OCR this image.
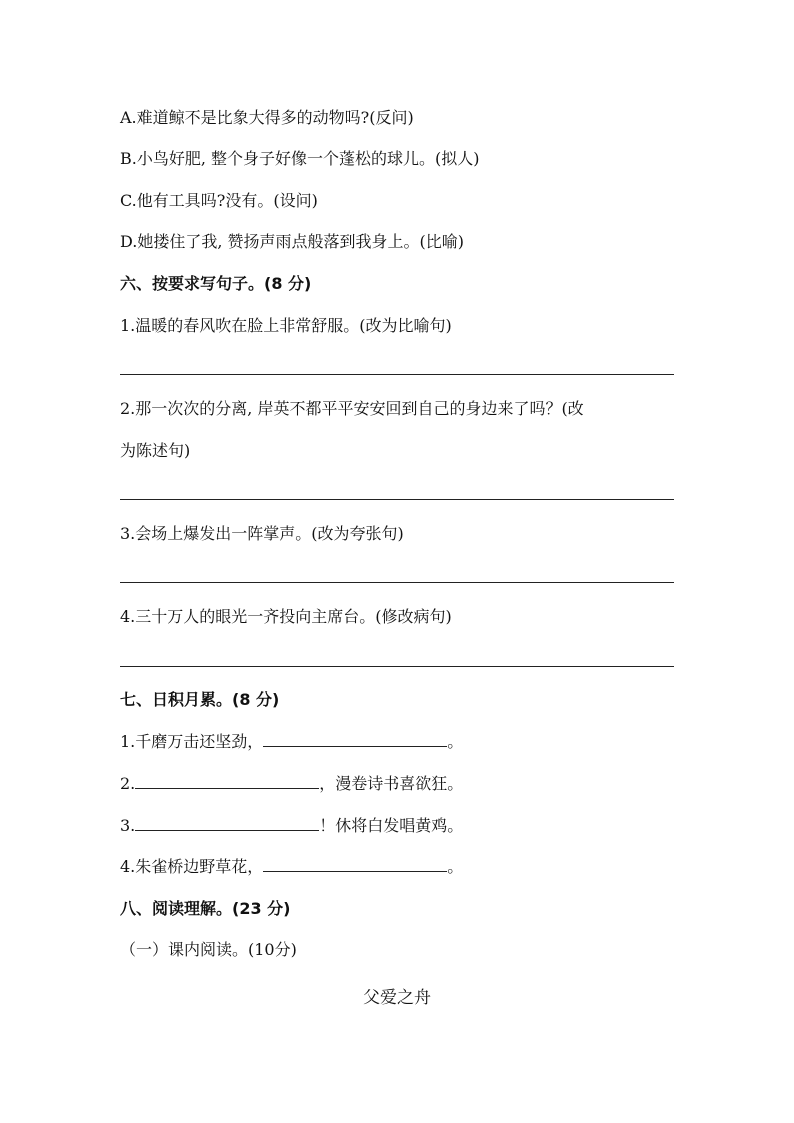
A.难道鲸不是比象大得多的动物吗?(反问)
B.小鸟好肥, 整个身子好像一个蓬松的球儿。(拟人)
C.他有工具吗?没有。(设问)
D.她搂住了我, 赞扬声雨点般落到我身上。(比喻)
六、按要求写句子。(8 分)
1.温暖的春风吹在脸上非常舒服。(改为比喻句)
2.那一次次的分离, 岸英不都平平安安回到自己的身边来了吗？(改
为陈述句)
3.会场上爆发出一阵掌声。(改为夸张句)
4.三十万人的眼光一齐投向主席台。(修改病句)
七、日积月累。(8 分)
1.千磨万击还坚劲，	。
2.	，漫卷诗书喜欲狂。
3.	！休将白发唱黄鸡。
4.朱雀桥边野草花，	。
八、阅读理解。(23 分)
（一）课内阅读。(10分)
父爱之舟
